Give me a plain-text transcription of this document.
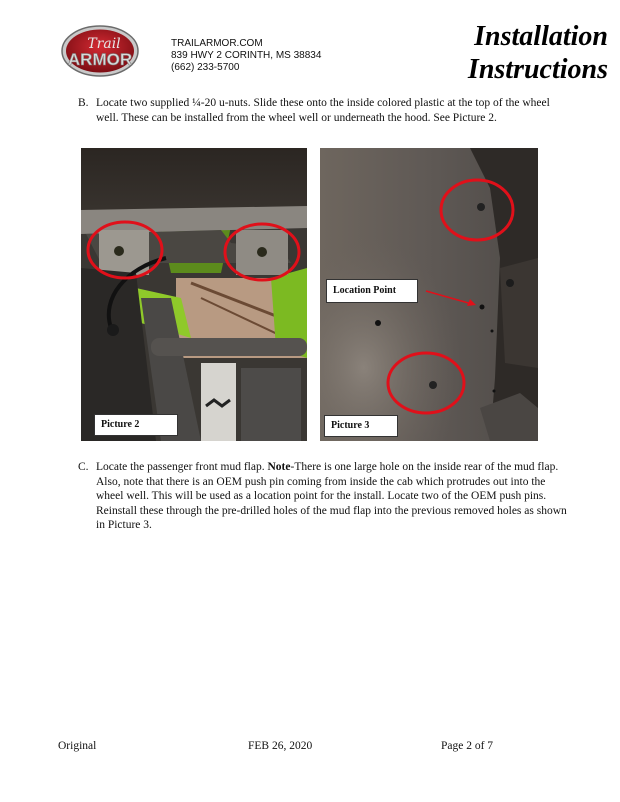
Trail
ARMOR
TRAILARMOR.COM
839 HWY 2 CORINTH, MS 38834
(662) 233-5700
Installation
Instructions
B. Locate two supplied ¼-20 u-nuts. Slide these onto the inside colored plastic at the top of the wheel well. These can be installed from the wheel well or underneath the hood. See Picture 2.
Picture 2
Location Point
Picture 3
C. Locate the passenger front mud flap. Note-There is one large hole on the inside rear of the mud flap. Also, note that there is an OEM push pin coming from inside the cab which protrudes out into the wheel well. This will be used as a location point for the install. Locate two of the OEM push pins. Reinstall these through the pre-drilled holes of the mud flap into the previous removed holes as shown in Picture 3.
Original	FEB 26, 2020	Page 2 of 7
